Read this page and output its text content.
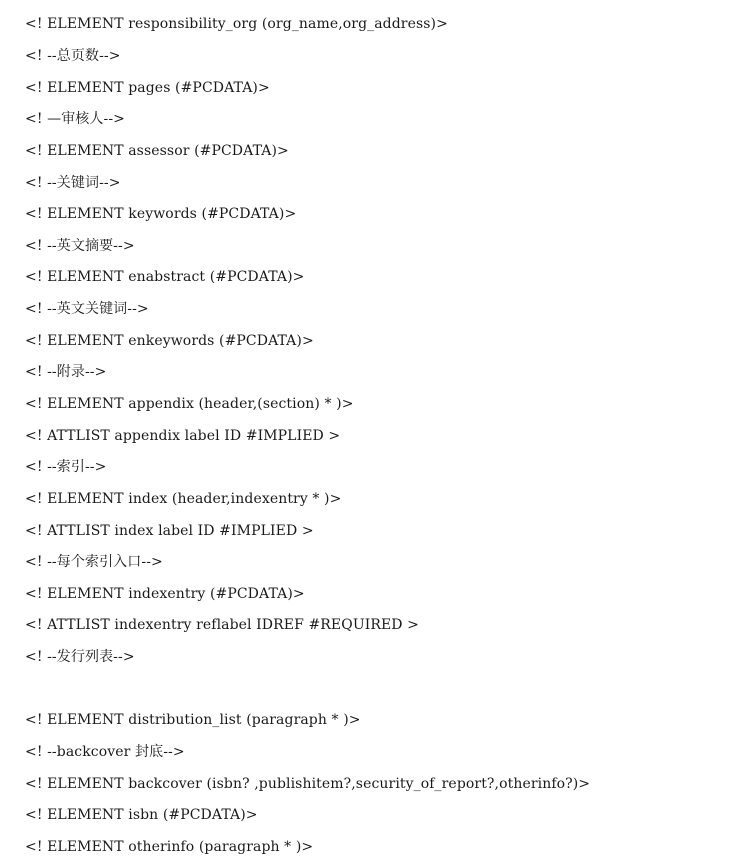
<! ELEMENT responsibility_org (org_name,org_address)>
<! --总页数-->
<! ELEMENT pages (#PCDATA)>
<! —审核人-->
<! ELEMENT assessor (#PCDATA)>
<! --关键词-->
<! ELEMENT keywords (#PCDATA)>
<! --英文摘要-->
<! ELEMENT enabstract (#PCDATA)>
<! --英文关键词-->
<! ELEMENT enkeywords (#PCDATA)>
<! --附录-->
<! ELEMENT appendix (header,(section) * )>
<! ATTLIST appendix label ID #IMPLIED >
<! --索引-->
<! ELEMENT index (header,indexentry * )>
<! ATTLIST index label ID #IMPLIED >
<! --每个索引入口-->
<! ELEMENT indexentry (#PCDATA)>
<! ATTLIST indexentry reflabel IDREF #REQUIRED >
<! --发行列表-->
<! ELEMENT distribution_list (paragraph * )>
<! --backcover 封底-->
<! ELEMENT backcover (isbn? ,publishitem?,security_of_report?,otherinfo?)>
<! ELEMENT isbn (#PCDATA)>
<! ELEMENT otherinfo (paragraph * )>
